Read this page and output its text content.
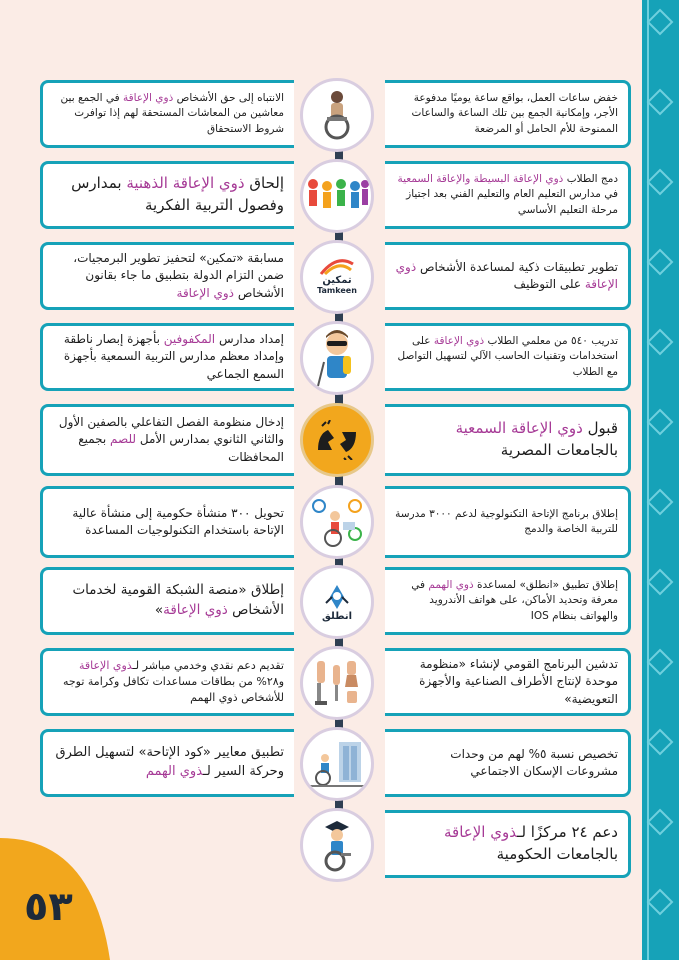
الانتباه إلى حق الأشخاص ذوي الإعاقة في الجمع بين معاشين من المعاشات المستحقة لهم إذا توافرت شروط الاستحقاق
خفض ساعات العمل، بواقع ساعة يوميًا مدفوعة الأجر، وإمكانية الجمع بين تلك الساعة والساعات الممنوحة للأم الحامل أو المرضعة
إلحاق ذوي الإعاقة الذهنية بمدارس وفصول التربية الفكرية
دمج الطلاب ذوي الإعاقة البسيطة والإعاقة السمعية في مدارس التعليم العام والتعليم الفني بعد اجتياز مرحلة التعليم الأساسي
مسابقة «تمكين» لتحفيز تطوير البرمجيات، ضمن التزام الدولة بتطبيق ما جاء بقانون الأشخاص ذوي الإعاقة
تطوير تطبيقات ذكية لمساعدة الأشخاص ذوي الإعاقة على التوظيف
تمكين
Tamkeen
إمداد مدارس المكفوفين بأجهزة إبصار ناطقة وإمداد معظم مدارس التربية السمعية بأجهزة السمع الجماعي
تدريب ٥٤٠ من معلمي الطلاب ذوي الإعاقة على استخدامات وتقنيات الحاسب الآلي لتسهيل التواصل مع الطلاب
إدخال منظومة الفصل التفاعلي بالصفين الأول والثاني الثانوي بمدارس الأمل للصم بجميع المحافظات
قبول ذوي الإعاقة السمعية بالجامعات المصرية
تحويل ٣٠٠ منشأة حكومية إلى منشأة عالية الإتاحة باستخدام التكنولوجيات المساعدة
إطلاق برنامج الإتاحة التكنولوجية لدعم ٣٠٠٠ مدرسة للتربية الخاصة والدمج
إطلاق «منصة الشبكة القومية لخدمات الأشخاص ذوي الإعاقة»
إطلاق تطبيق «انطلق» لمساعدة ذوي الهمم في معرفة وتحديد الأماكن، على هواتف الأندرويد والهواتف بنظام IOS
انطلق
تقديم دعم نقدي وخدمي مباشر لـذوي الإعاقة و٢٨% من بطاقات مساعدات تكافل وكرامة توجه للأشخاص ذوي الهمم
تدشين البرنامج القومي لإنشاء «منظومة موحدة لإنتاج الأطراف الصناعية والأجهزة التعويضية»
تطبيق معايير «كود الإتاحة» لتسهيل الطرق وحركة السير لـذوي الهمم
تخصيص نسبة ٥% لهم من وحدات مشروعات الإسكان الاجتماعي
دعم ٢٤ مركزًا لـذوي الإعاقة بالجامعات الحكومية
٥٣
